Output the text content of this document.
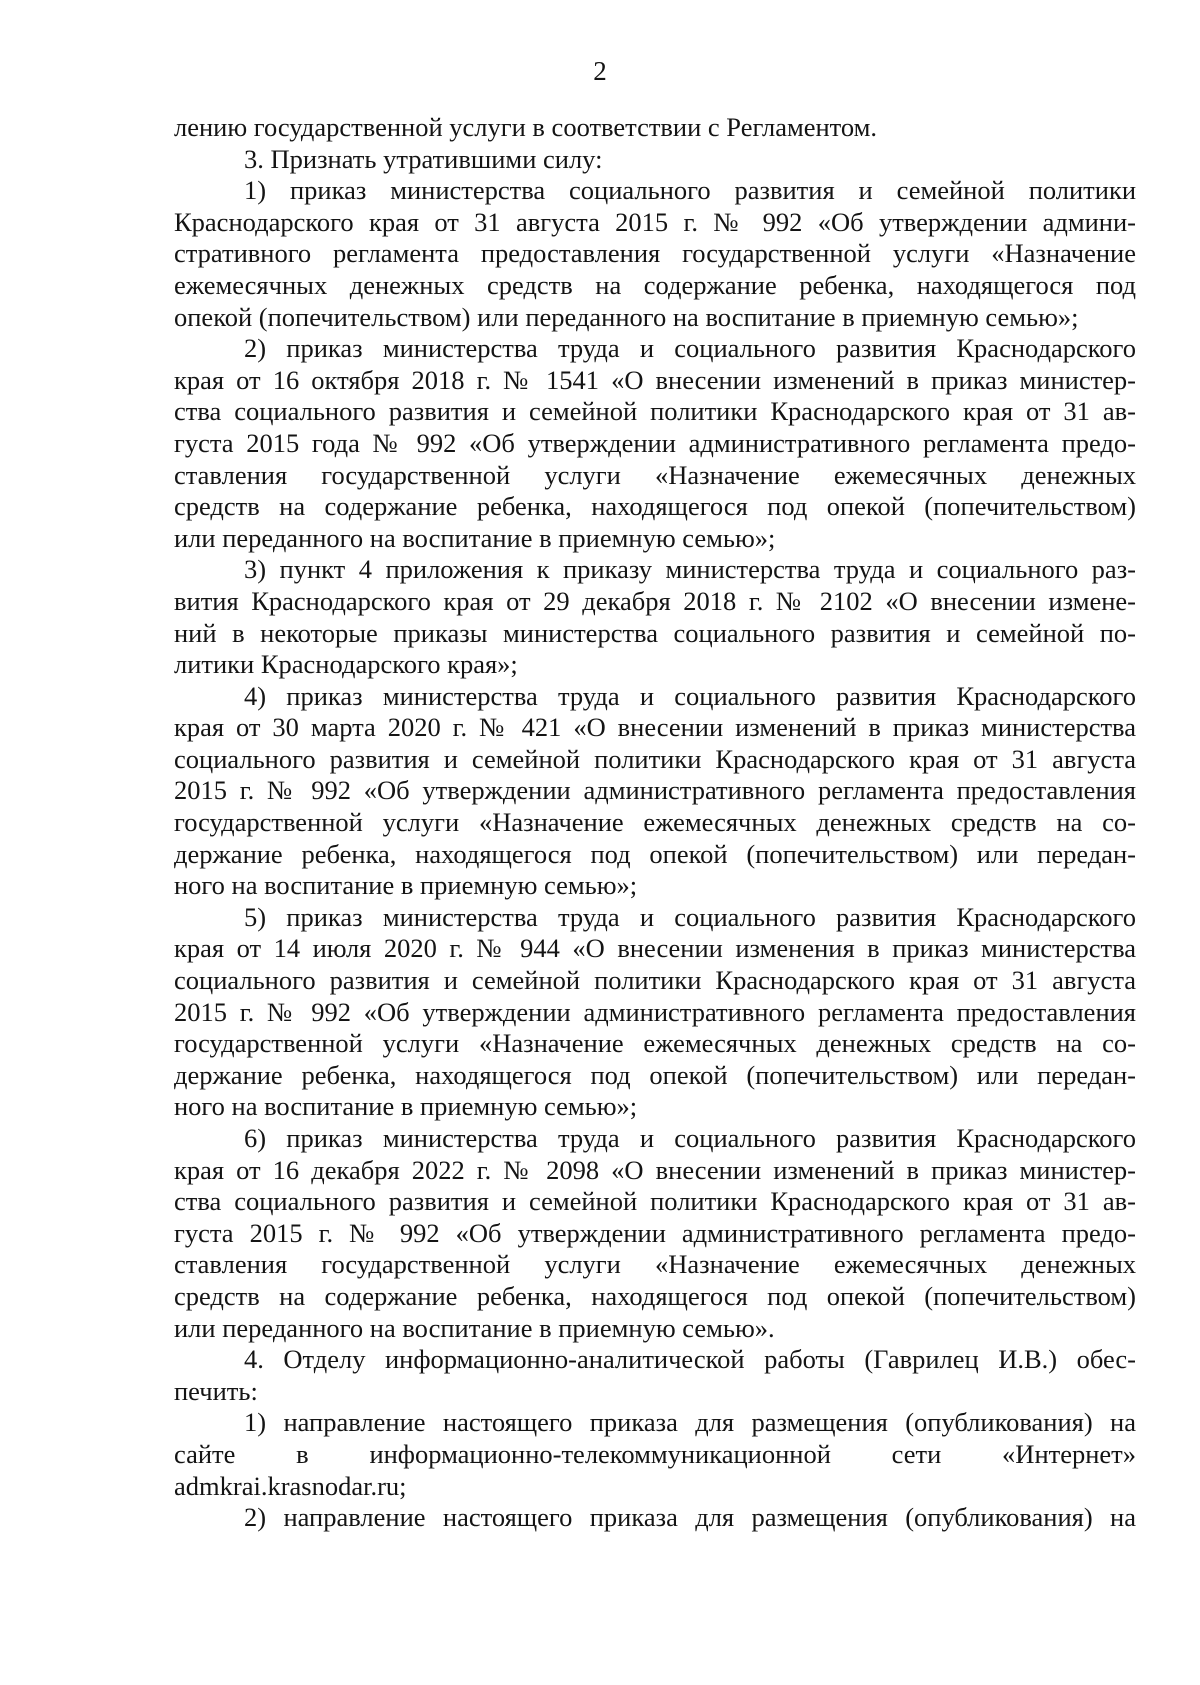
2
лению государственной услуги в соответствии с Регламентом.
3. Признать утратившими силу:
1) приказ министерства социального развития и семейной политики
Краснодарского края от 31 августа 2015 г. № 992 «Об утверждении админи-
стративного регламента предоставления государственной услуги «Назначение
ежемесячных денежных средств на содержание ребенка, находящегося под
опекой (попечительством) или переданного на воспитание в приемную семью»;
2) приказ министерства труда и социального развития Краснодарского
края от 16 октября 2018 г. № 1541 «О внесении изменений в приказ министер-
ства социального развития и семейной политики Краснодарского края от 31 ав-
густа 2015 года № 992 «Об утверждении административного регламента предо-
ставления государственной услуги «Назначение ежемесячных денежных
средств на содержание ребенка, находящегося под опекой (попечительством)
или переданного на воспитание в приемную семью»;
3) пункт 4 приложения к приказу министерства труда и социального раз-
вития Краснодарского края от 29 декабря 2018 г. № 2102 «О внесении измене-
ний в некоторые приказы министерства социального развития и семейной по-
литики Краснодарского края»;
4) приказ министерства труда и социального развития Краснодарского
края от 30 марта 2020 г. № 421 «О внесении изменений в приказ министерства
социального развития и семейной политики Краснодарского края от 31 августа
2015 г. № 992 «Об утверждении административного регламента предоставления
государственной услуги «Назначение ежемесячных денежных средств на со-
держание ребенка, находящегося под опекой (попечительством) или передан-
ного на воспитание в приемную семью»;
5) приказ министерства труда и социального развития Краснодарского
края от 14 июля 2020 г. № 944 «О внесении изменения в приказ министерства
социального развития и семейной политики Краснодарского края от 31 августа
2015 г. № 992 «Об утверждении административного регламента предоставления
государственной услуги «Назначение ежемесячных денежных средств на со-
держание ребенка, находящегося под опекой (попечительством) или передан-
ного на воспитание в приемную семью»;
6) приказ министерства труда и социального развития Краснодарского
края от 16 декабря 2022 г. № 2098 «О внесении изменений в приказ министер-
ства социального развития и семейной политики Краснодарского края от 31 ав-
густа 2015 г. № 992 «Об утверждении административного регламента предо-
ставления государственной услуги «Назначение ежемесячных денежных
средств на содержание ребенка, находящегося под опекой (попечительством)
или переданного на воспитание в приемную семью».
4. Отделу информационно-аналитической работы (Гаврилец И.В.) обес-
печить:
1) направление настоящего приказа для размещения (опубликования) на
сайте в информационно-телекоммуникационной сети «Интернет»
admkrai.krasnodar.ru;
2) направление настоящего приказа для размещения (опубликования) на
